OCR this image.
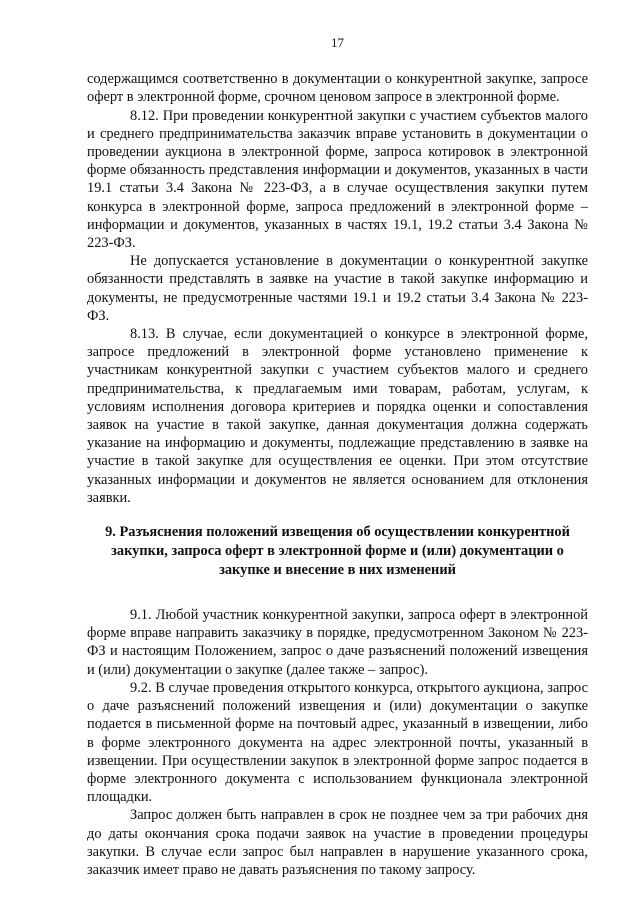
17

содержащимся соответственно в документации о конкурентной закупке, запросе оферт в электронной форме, срочном ценовом запросе в электронной форме.

8.12. При проведении конкурентной закупки с участием субъектов малого и среднего предпринимательства заказчик вправе установить в документации о проведении аукциона в электронной форме, запроса котировок в электронной форме обязанность представления информации и документов, указанных в части 19.1 статьи 3.4 Закона № 223-ФЗ, а в случае осуществления закупки путем конкурса в электронной форме, запроса предложений в электронной форме – информации и документов, указанных в частях 19.1, 19.2 статьи 3.4 Закона № 223-ФЗ.

Не допускается установление в документации о конкурентной закупке обязанности представлять в заявке на участие в такой закупке информацию и документы, не предусмотренные частями 19.1 и 19.2 статьи 3.4 Закона № 223-ФЗ.

8.13. В случае, если документацией о конкурсе в электронной форме, запросе предложений в электронной форме установлено применение к участникам конкурентной закупки с участием субъектов малого и среднего предпринимательства, к предлагаемым ими товарам, работам, услугам, к условиям исполнения договора критериев и порядка оценки и сопоставления заявок на участие в такой закупке, данная документация должна содержать указание на информацию и документы, подлежащие представлению в заявке на участие в такой закупке для осуществления ее оценки. При этом отсутствие указанных информации и документов не является основанием для отклонения заявки.

9. Разъяснения положений извещения об осуществлении конкурентной закупки, запроса оферт в электронной форме и (или) документации о закупке и внесение в них изменений

9.1. Любой участник конкурентной закупки, запроса оферт в электронной форме вправе направить заказчику в порядке, предусмотренном Законом № 223-ФЗ и настоящим Положением, запрос о даче разъяснений положений извещения и (или) документации о закупке (далее также – запрос).

9.2. В случае проведения открытого конкурса, открытого аукциона, запрос о даче разъяснений положений извещения и (или) документации о закупке подается в письменной форме на почтовый адрес, указанный в извещении, либо в форме электронного документа на адрес электронной почты, указанный в извещении. При осуществлении закупок в электронной форме запрос подается в форме электронного документа с использованием функционала электронной площадки.

Запрос должен быть направлен в срок не позднее чем за три рабочих дня до даты окончания срока подачи заявок на участие в проведении процедуры закупки. В случае если запрос был направлен в нарушение указанного срока, заказчик имеет право не давать разъяснения по такому запросу.
